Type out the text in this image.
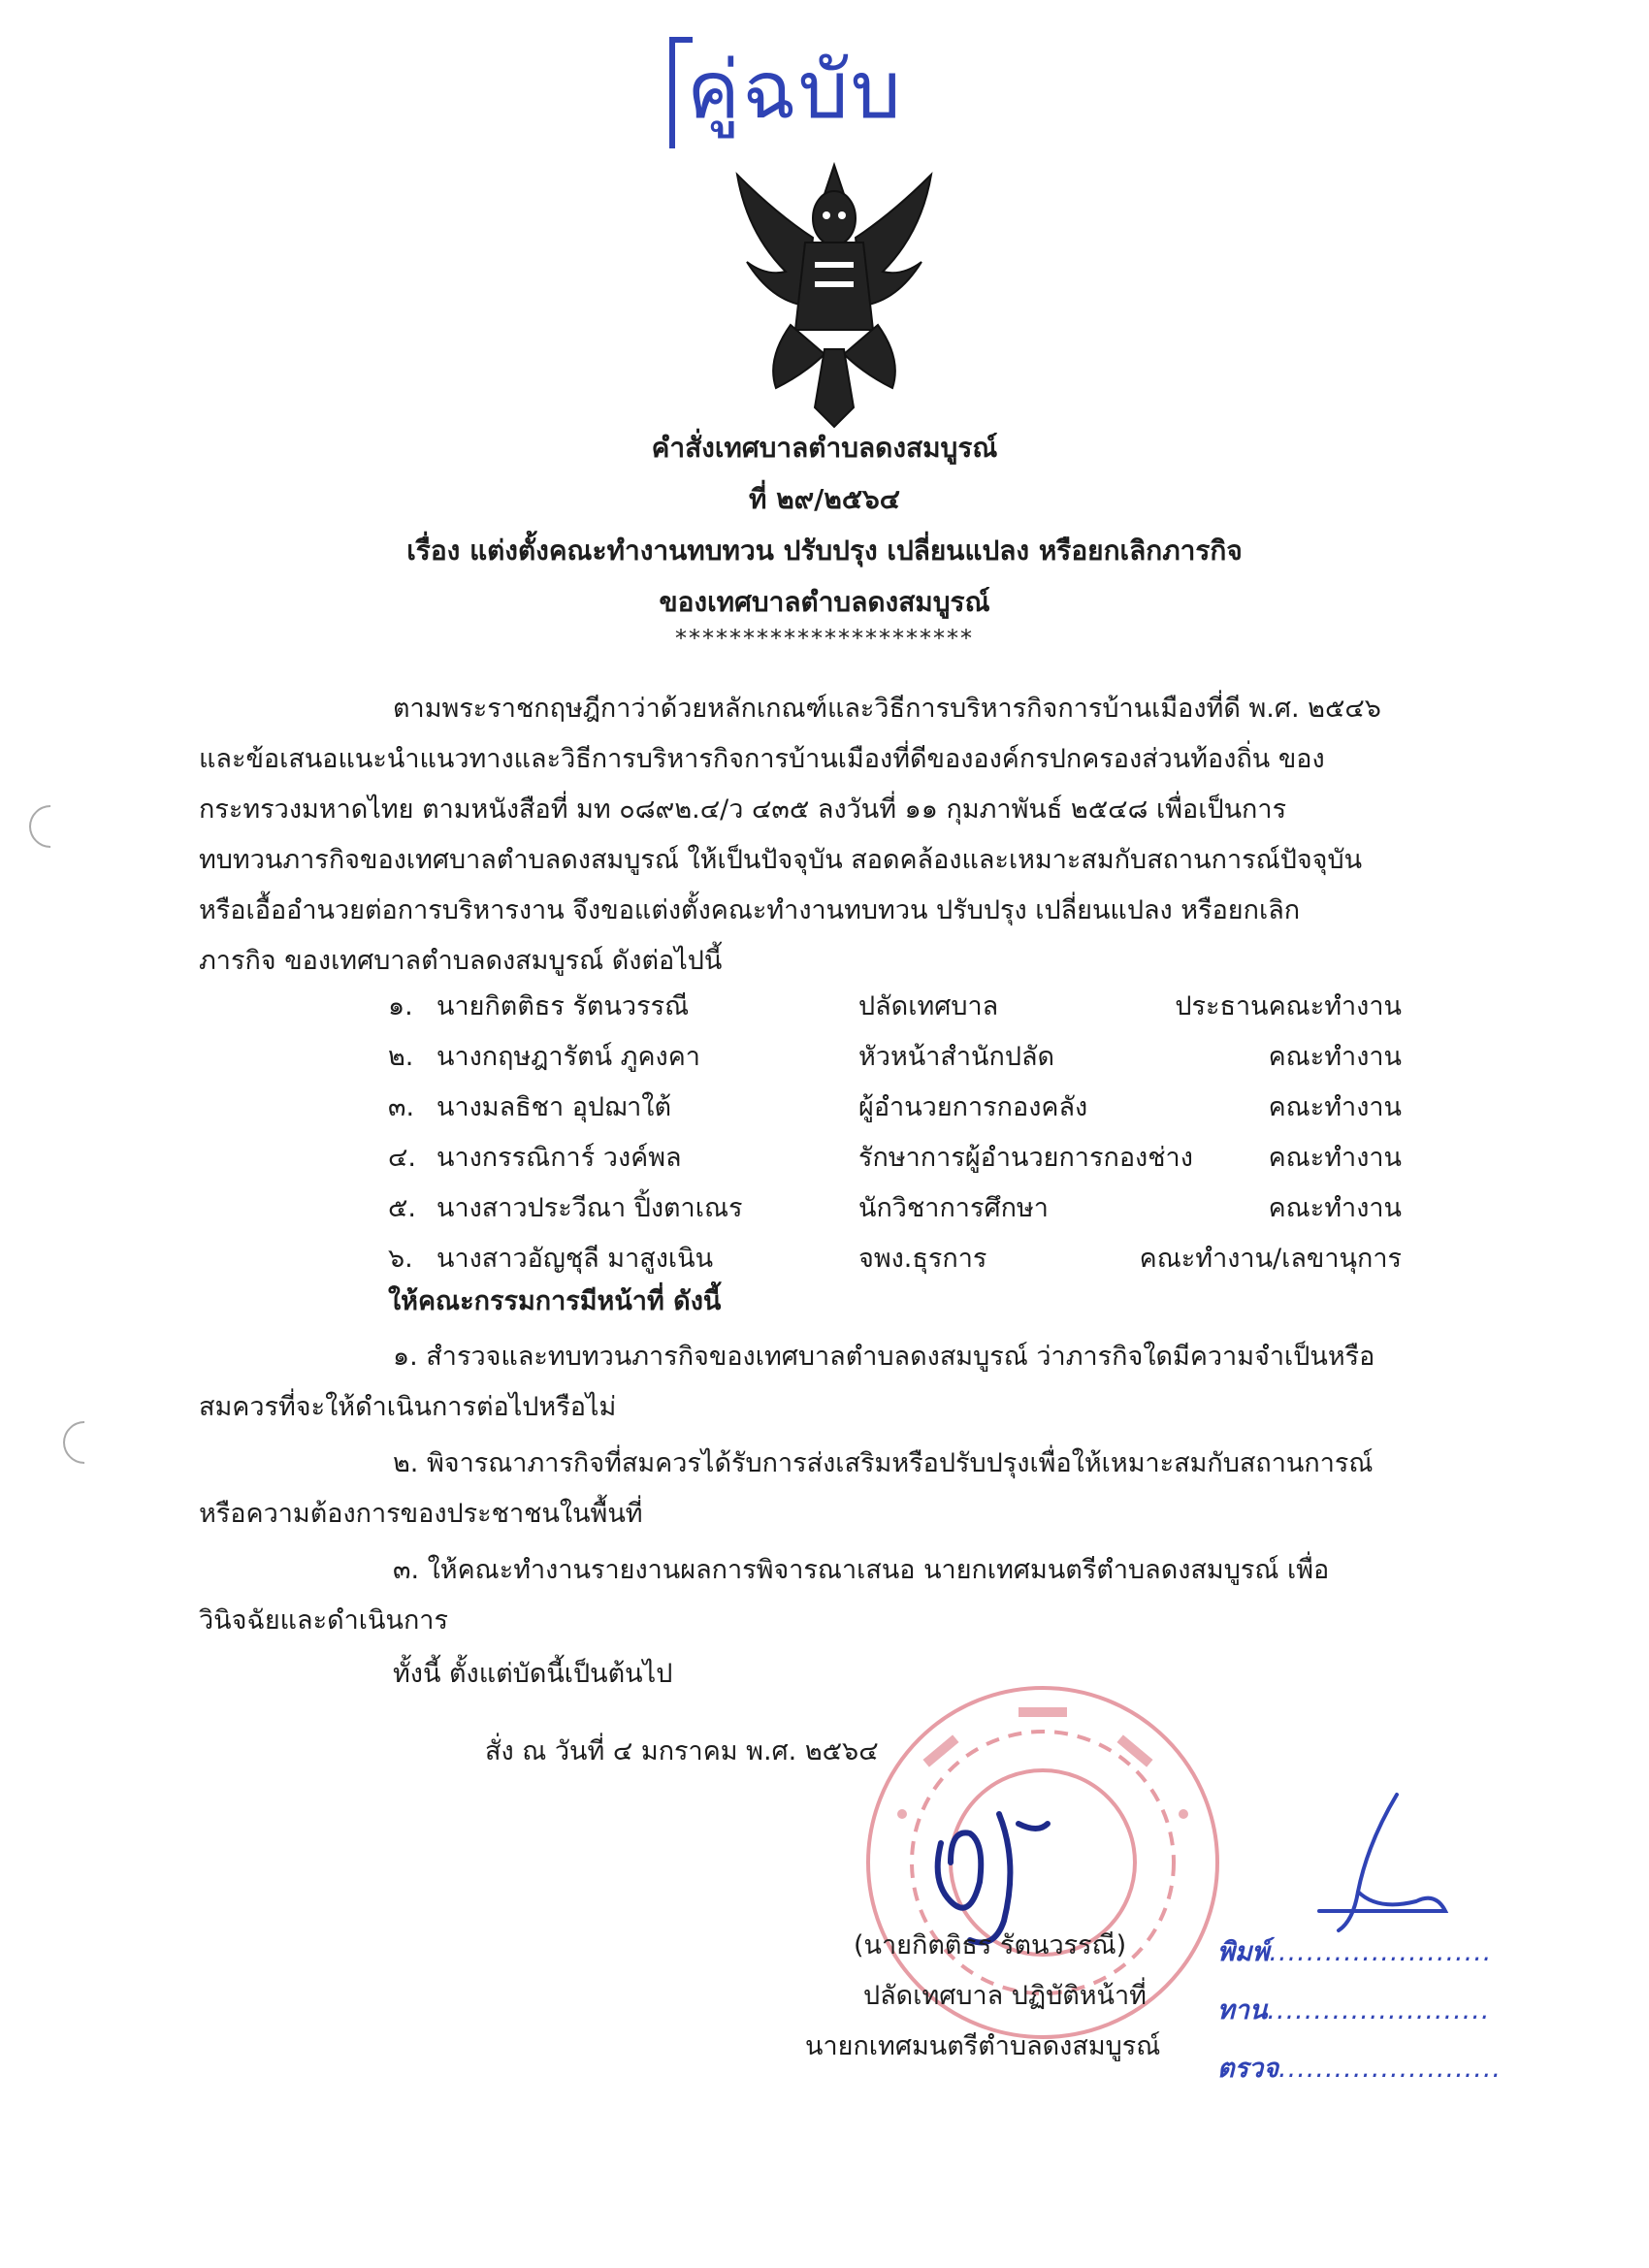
คู่ฉบับ
คำสั่งเทศบาลตำบลดงสมบูรณ์
ที่ ๒๙/๒๕๖๔
เรื่อง แต่งตั้งคณะทำงานทบทวน ปรับปรุง เปลี่ยนแปลง หรือยกเลิกภารกิจ
ของเทศบาลตำบลดงสมบูรณ์
**********************
ตามพระราชกฤษฎีกาว่าด้วยหลักเกณฑ์และวิธีการบริหารกิจการบ้านเมืองที่ดี พ.ศ. ๒๕๔๖
และข้อเสนอแนะนำแนวทางและวิธีการบริหารกิจการบ้านเมืองที่ดีขององค์กรปกครองส่วนท้องถิ่น ของ
กระทรวงมหาดไทย ตามหนังสือที่ มท ๐๘๙๒.๔/ว ๔๓๕ ลงวันที่ ๑๑ กุมภาพันธ์ ๒๕๔๘ เพื่อเป็นการ
ทบทวนภารกิจของเทศบาลตำบลดงสมบูรณ์ ให้เป็นปัจจุบัน สอดคล้องและเหมาะสมกับสถานการณ์ปัจจุบัน
หรือเอื้ออำนวยต่อการบริหารงาน จึงขอแต่งตั้งคณะทำงานทบทวน ปรับปรุง เปลี่ยนแปลง หรือยกเลิก
ภารกิจ ของเทศบาลตำบลดงสมบูรณ์ ดังต่อไปนี้
๑. นายกิตติธร รัตนวรรณี	ปลัดเทศบาล	ประธานคณะทำงาน
๒. นางกฤษฎารัตน์ ภูคงคา	หัวหน้าสำนักปลัด	คณะทำงาน
๓. นางมลธิชา อุปฌาใต้	ผู้อำนวยการกองคลัง	คณะทำงาน
๔. นางกรรณิการ์ วงค์พล	รักษาการผู้อำนวยการกองช่าง	คณะทำงาน
๕. นางสาวประวีณา ปิ้งตาเณร	นักวิชาการศึกษา	คณะทำงาน
๖. นางสาวอัญชุลี มาสูงเนิน	จพง.ธุรการ	คณะทำงาน/เลขานุการ
ให้คณะกรรมการมีหน้าที่ ดังนี้
๑. สำรวจและทบทวนภารกิจของเทศบาลตำบลดงสมบูรณ์ ว่าภารกิจใดมีความจำเป็นหรือ
สมควรที่จะให้ดำเนินการต่อไปหรือไม่
๒. พิจารณาภารกิจที่สมควรได้รับการส่งเสริมหรือปรับปรุงเพื่อให้เหมาะสมกับสถานการณ์
หรือความต้องการของประชาชนในพื้นที่
๓. ให้คณะทำงานรายงานผลการพิจารณาเสนอ นายกเทศมนตรีตำบลดงสมบูรณ์ เพื่อ
วินิจฉัยและดำเนินการ
ทั้งนี้ ตั้งแต่บัดนี้เป็นต้นไป
สั่ง ณ วันที่ ๔ มกราคม พ.ศ. ๒๕๖๔
(นายกิตติธร รัตนวรรณี)
ปลัดเทศบาล ปฏิบัติหน้าที่
นายกเทศมนตรีตำบลดงสมบูรณ์
พิมพ์........................
ทาน........................
ตรวจ........................
